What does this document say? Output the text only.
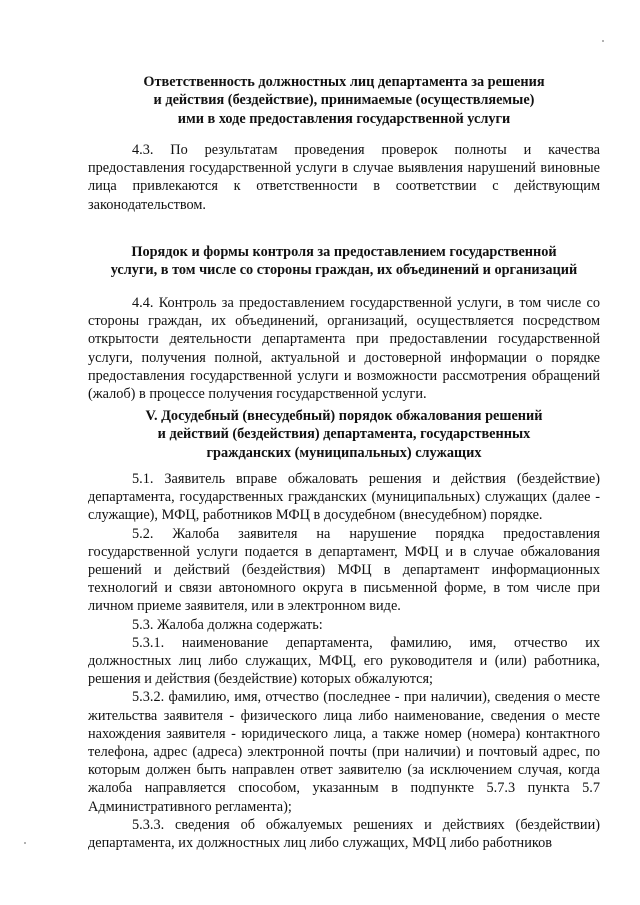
Ответственность должностных лиц департамента за решения
и действия (бездействие), принимаемые (осуществляемые)
ими в ходе предоставления государственной услуги

4.3. По результатам проведения проверок полноты и качества предоставления государственной услуги в случае выявления нарушений виновные лица привлекаются к ответственности в соответствии с действующим законодательством.

Порядок и формы контроля за предоставлением государственной
услуги, в том числе со стороны граждан, их объединений и организаций

4.4. Контроль за предоставлением государственной услуги, в том числе со стороны граждан, их объединений, организаций, осуществляется посредством открытости деятельности департамента при предоставлении государственной услуги, получения полной, актуальной и достоверной информации о порядке предоставления государственной услуги и возможности рассмотрения обращений (жалоб) в процессе получения государственной услуги.

V. Досудебный (внесудебный) порядок обжалования решений
и действий (бездействия) департамента, государственных
гражданских (муниципальных) служащих

5.1. Заявитель вправе обжаловать решения и действия (бездействие) департамента, государственных гражданских (муниципальных) служащих (далее - служащие), МФЦ, работников МФЦ в досудебном (внесудебном) порядке.

5.2. Жалоба заявителя на нарушение порядка предоставления государственной услуги подается в департамент, МФЦ и в случае обжалования решений и действий (бездействия) МФЦ в департамент информационных технологий и связи автономного округа в письменной форме, в том числе при личном приеме заявителя, или в электронном виде.

5.3. Жалоба должна содержать:

5.3.1. наименование департамента, фамилию, имя, отчество их должностных лиц либо служащих, МФЦ, его руководителя и (или) работника, решения и действия (бездействие) которых обжалуются;

5.3.2. фамилию, имя, отчество (последнее - при наличии), сведения о месте жительства заявителя - физического лица либо наименование, сведения о месте нахождения заявителя - юридического лица, а также номер (номера) контактного телефона, адрес (адреса) электронной почты (при наличии) и почтовый адрес, по которым должен быть направлен ответ заявителю (за исключением случая, когда жалоба направляется способом, указанным в подпункте 5.7.3 пункта 5.7 Административного регламента);

5.3.3. сведения об обжалуемых решениях и действиях (бездействии) департамента, их должностных лиц либо служащих, МФЦ либо работников
